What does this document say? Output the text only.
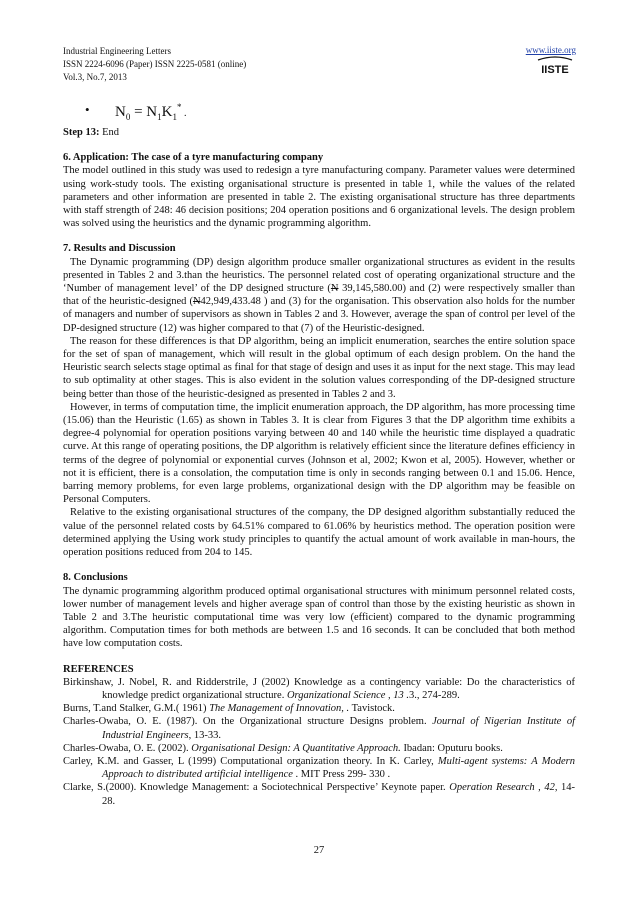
Industrial Engineering Letters
ISSN 2224-6096 (Paper) ISSN 2225-0581 (online)
Vol.3, No.7, 2013
www.iiste.org
IISTE
• $N_0 = N_1K_1^*$ .

Step 13: End

6. Application: The case of a tyre manufacturing company

The model outlined in this study was used to redesign a tyre manufacturing company. Parameter values were determined using work-study tools. The existing organisational structure is presented in table 1, while the values of the related parameters and other information are presented in table 2. The existing organisational structure has three departments with staff strength of 248: 46 decision positions; 204 operation positions and 6 organizational levels. The design problem was solved using the heuristics and the dynamic programming algorithm.

7. Results and Discussion

The Dynamic programming (DP) design algorithm produce smaller organizational structures as evident in the results presented in Tables 2 and 3.than the heuristics. The personnel related cost of operating organizational structure and the ‘Number of management level’ of the DP designed structure (N 39,145,580.00) and (2) were respectively smaller than that of the heuristic-designed (N42,949,433.48 ) and (3) for the organisation. This observation also holds for the number of managers and number of supervisors as shown in Tables 2 and 3. However, average the span of control per level of the DP-designed structure (12) was higher compared to that (7) of the Heuristic-designed.

The reason for these differences is that DP algorithm, being an implicit enumeration, searches the entire solution space for the set of span of management, which will result in the global optimum of each design problem. On the hand the Heuristic search selects stage optimal as final for that stage of design and uses it as input for the next stage. This may lead to sub optimality at other stages. This is also evident in the solution values corresponding of the DP-designed structure being better than those of the heuristic-designed as presented in Tables 2 and 3.

However, in terms of computation time, the implicit enumeration approach, the DP algorithm, has more processing time (15.06) than the Heuristic (1.65) as shown in Tables 3. It is clear from Figures 3 that the DP algorithm time exhibits a degree-4 polynomial for operation positions varying between 40 and 140 while the heuristic time displayed a quadratic curve. At this range of operating positions, the DP algorithm is relatively efficient since the literature defines efficiency in terms of the degree of polynomial or exponential curves (Johnson et al, 2002; Kwon et al, 2005). However, whether or not it is efficient, there is a consolation, the computation time is only in seconds ranging between 0.1 and 15.06. Hence, barring memory problems, for even large problems, organizational design with the DP algorithm may be feasible on Personal Computers.

Relative to the existing organisational structures of the company, the DP designed algorithm substantially reduced the value of the personnel related costs by 64.51% compared to 61.06% by heuristics method. The operation position were determined applying the Using work study principles to quantify the actual amount of work available in man-hours, the operation positions reduced from 204 to 145.

8. Conclusions

The dynamic programming algorithm produced optimal organisational structures with minimum personnel related costs, lower number of management levels and higher average span of control than those by the existing heuristic as shown in Table 2 and 3.The heuristic computational time was very low (efficient) compared to the dynamic programming algorithm. Computation times for both methods are between 1.5 and 16 seconds. It can be concluded that both method have low computation costs.

REFERENCES

Birkinshaw, J. Nobel, R. and Ridderstrile, J (2002) Knowledge as a contingency variable: Do the characteristics of knowledge predict organizational structure. Organizational Science , 13 .3., 274-289.

Burns, T.and Stalker, G.M.( 1961) The Management of Innovation, . Tavistock.

Charles-Owaba, O. E. (1987). On the Organizational structure Designs problem. Journal of Nigerian Institute of Industrial Engineers, 13-33.

Charles-Owaba, O. E. (2002). Organisational Design: A Quantitative Approach. Ibadan: Oputuru books.

Carley, K.M. and Gasser, L (1999) Computational organization theory. In K. Carley, Multi-agent systems: A Modern Approach to distributed artificial intelligence . MIT Press 299- 330 .

Clarke, S.(2000). Knowledge Management: a Sociotechnical Perspective’ Keynote paper. Operation Research , 42, 14-28.

27
